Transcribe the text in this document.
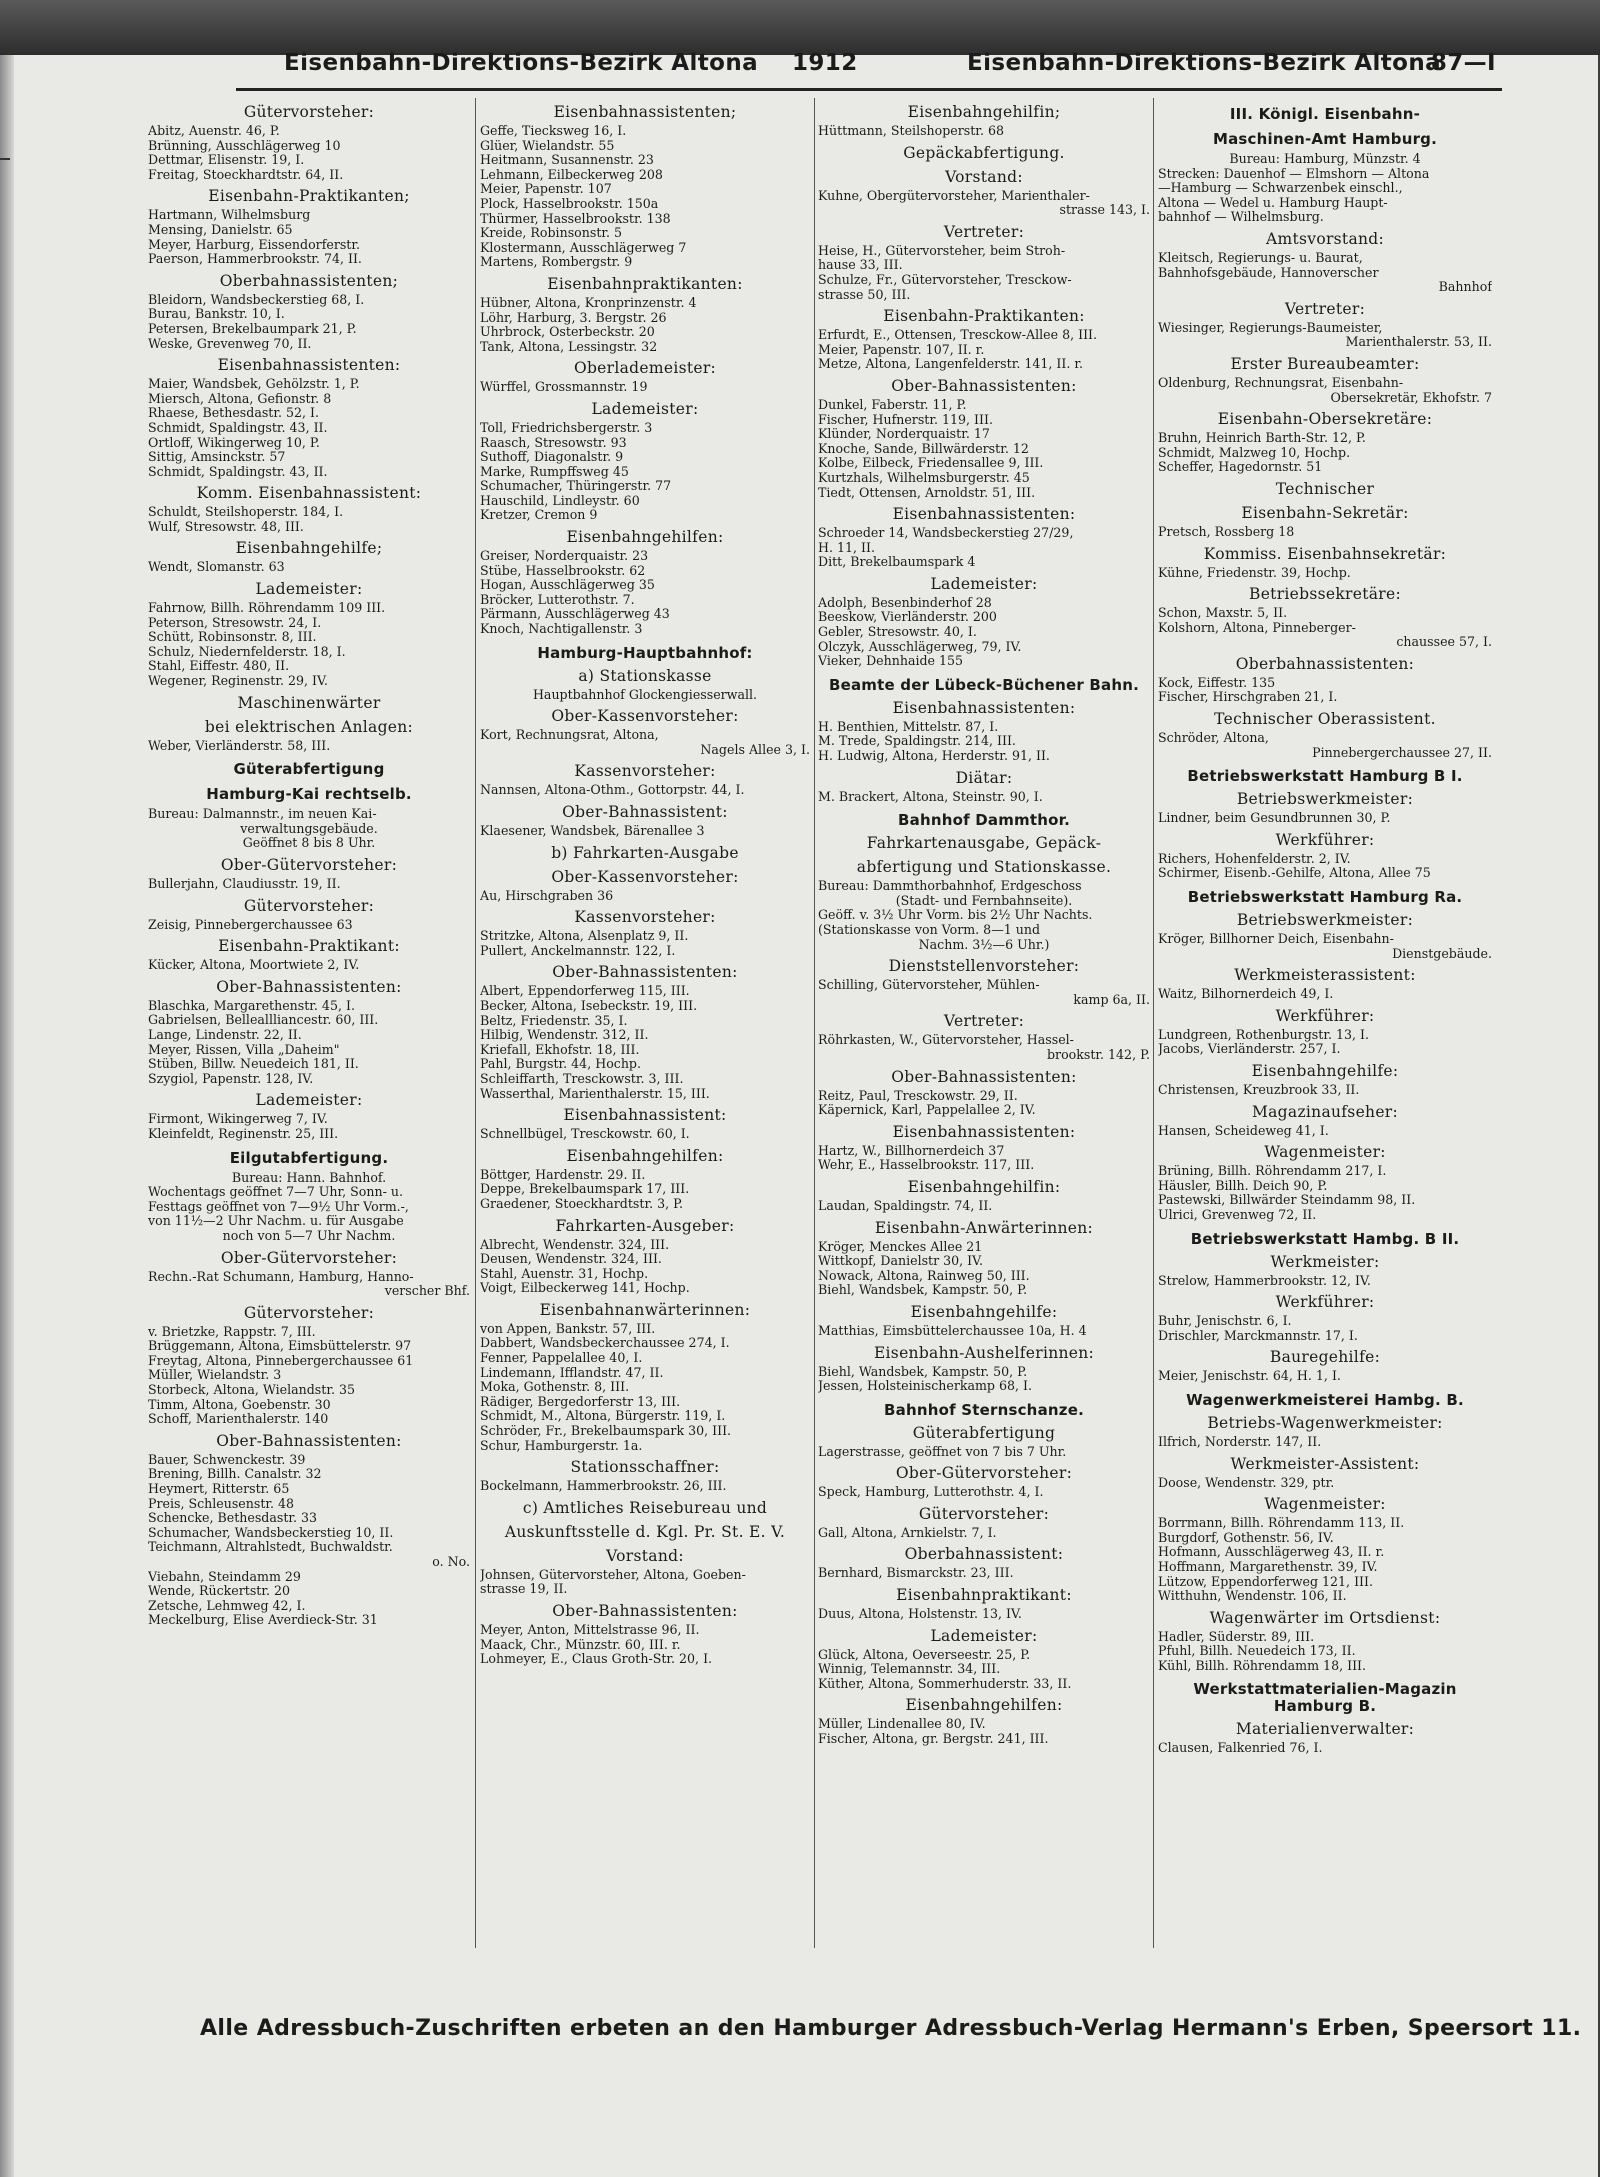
Eisenbahn-Direktions-Bezirk Altona 1912	Eisenbahn-Direktions-Bezirk Altona
87—I
Gütervorsteher:
Abitz, Auenstr. 46, P.
Brünning, Ausschlägerweg 10
Dettmar, Elisenstr. 19, I.
Freitag, Stoeckhardtstr. 64, II.
Eisenbahn-Praktikanten;
Hartmann, Wilhelmsburg
Mensing, Danielstr. 65
Meyer, Harburg, Eissendorferstr.
Paerson, Hammerbrookstr. 74, II.
Oberbahnassistenten;
Bleidorn, Wandsbeckerstieg 68, I.
Burau, Bankstr. 10, I.
Petersen, Brekelbaumpark 21, P.
Weske, Grevenweg 70, II.
Eisenbahnassistenten:
Maier, Wandsbek, Gehölzstr. 1, P.
Miersch, Altona, Gefionstr. 8
Rhaese, Bethesdastr. 52, I.
Schmidt, Spaldingstr. 43, II.
Ortloff, Wikingerweg 10, P.
Sittig, Amsinckstr. 57
Schmidt, Spaldingstr. 43, II.
Komm. Eisenbahnassistent:
Schuldt, Steilshoperstr. 184, I.
Wulf, Stresowstr. 48, III.
Eisenbahngehilfe;
Wendt, Slomanstr. 63
Lademeister:
Fahrnow, Billh. Röhrendamm 109 III.
Peterson, Stresowstr. 24, I.
Schütt, Robinsonstr. 8, III.
Schulz, Niedernfelderstr. 18, I.
Stahl, Eiffestr. 480, II.
Wegener, Reginenstr. 29, IV.
Maschinenwärter
bei elektrischen Anlagen:
Weber, Vierländerstr. 58, III.
Güterabfertigung
Hamburg-Kai rechtselb.
Bureau: Dalmannstr., im neuen Kai-
verwaltungsgebäude.
Geöffnet 8 bis 8 Uhr.
Ober-Gütervorsteher:
Bullerjahn, Claudiusstr. 19, II.
Gütervorsteher:
Zeisig, Pinnebergerchaussee 63
Eisenbahn-Praktikant:
Kücker, Altona, Moortwiete 2, IV.
Ober-Bahnassistenten:
Blaschka, Margarethenstr. 45, I.
Gabrielsen, Belleallliancestr. 60, III.
Lange, Lindenstr. 22, II.
Meyer, Rissen, Villa „Daheim"
Stüben, Billw. Neuedeich 181, II.
Szygiol, Papenstr. 128, IV.
Lademeister:
Firmont, Wikingerweg 7, IV.
Kleinfeldt, Reginenstr. 25, III.
Eilgutabfertigung.
Bureau: Hann. Bahnhof.
Wochentags geöffnet 7—7 Uhr, Sonn- u.
Festtags geöffnet von 7—9½ Uhr Vorm.-,
von 11½—2 Uhr Nachm. u. für Ausgabe
noch von 5—7 Uhr Nachm.
Ober-Gütervorsteher:
Rechn.-Rat Schumann, Hamburg, Hanno-
verscher Bhf.
Gütervorsteher:
v. Brietzke, Rappstr. 7, III.
Brüggemann, Altona, Eimsbüttelerstr. 97
Freytag, Altona, Pinnebergerchaussee 61
Müller, Wielandstr. 3
Storbeck, Altona, Wielandstr. 35
Timm, Altona, Goebenstr. 30
Schoff, Marienthalerstr. 140
Ober-Bahnassistenten:
Bauer, Schwenckestr. 39
Brening, Billh. Canalstr. 32
Heymert, Ritterstr. 65
Preis, Schleusenstr. 48
Schencke, Bethesdastr. 33
Schumacher, Wandsbeckerstieg 10, II.
Teichmann, Altrahlstedt, Buchwaldstr.
o. No.
Viebahn, Steindamm 29
Wende, Rückertstr. 20
Zetsche, Lehmweg 42, I.
Meckelburg, Elise Averdieck-Str. 31
Eisenbahnassistenten;
Geffe, Tiecksweg 16, I.
Glüer, Wielandstr. 55
Heitmann, Susannenstr. 23
Lehmann, Eilbeckerweg 208
Meier, Papenstr. 107
Plock, Hasselbrookstr. 150a
Thürmer, Hasselbrookstr. 138
Kreide, Robinsonstr. 5
Klostermann, Ausschlägerweg 7
Martens, Rombergstr. 9
Eisenbahnpraktikanten:
Hübner, Altona, Kronprinzenstr. 4
Löhr, Harburg, 3. Bergstr. 26
Uhrbrock, Osterbeckstr. 20
Tank, Altona, Lessingstr. 32
Oberlademeister:
Würffel, Grossmannstr. 19
Lademeister:
Toll, Friedrichsbergerstr. 3
Raasch, Stresowstr. 93
Suthoff, Diagonalstr. 9
Marke, Rumpffsweg 45
Schumacher, Thüringerstr. 77
Hauschild, Lindleystr. 60
Kretzer, Cremon 9
Eisenbahngehilfen:
Greiser, Norderquaistr. 23
Stübe, Hasselbrookstr. 62
Hogan, Ausschlägerweg 35
Bröcker, Lutterothstr. 7.
Pärmann, Ausschlägerweg 43
Knoch, Nachtigallenstr. 3
Hamburg-Hauptbahnhof:
a) Stationskasse
Hauptbahnhof Glockengiesserwall.
Ober-Kassenvorsteher:
Kort, Rechnungsrat, Altona,
Nagels Allee 3, I.
Kassenvorsteher:
Nannsen, Altona-Othm., Gottorpstr. 44, I.
Ober-Bahnassistent:
Klaesener, Wandsbek, Bärenallee 3
b) Fahrkarten-Ausgabe
Ober-Kassenvorsteher:
Au, Hirschgraben 36
Kassenvorsteher:
Stritzke, Altona, Alsenplatz 9, II.
Pullert, Anckelmannstr. 122, I.
Ober-Bahnassistenten:
Albert, Eppendorferweg 115, III.
Becker, Altona, Isebeckstr. 19, III.
Beltz, Friedenstr. 35, I.
Hilbig, Wendenstr. 312, II.
Kriefall, Ekhofstr. 18, III.
Pahl, Burgstr. 44, Hochp.
Schleiffarth, Tresckowstr. 3, III.
Wasserthal, Marienthalerstr. 15, III.
Eisenbahnassistent:
Schnellbügel, Tresckowstr. 60, I.
Eisenbahngehilfen:
Böttger, Hardenstr. 29. II.
Deppe, Brekelbaumspark 17, III.
Graedener, Stoeckhardtstr. 3, P.
Fahrkarten-Ausgeber:
Albrecht, Wendenstr. 324, III.
Deusen, Wendenstr. 324, III.
Stahl, Auenstr. 31, Hochp.
Voigt, Eilbeckerweg 141, Hochp.
Eisenbahnanwärterinnen:
von Appen, Bankstr. 57, III.
Dabbert, Wandsbeckerchaussee 274, I.
Fenner, Pappelallee 40, I.
Lindemann, Ifflandstr. 47, II.
Moka, Gothenstr. 8, III.
Rädiger, Bergedorferstr 13, III.
Schmidt, M., Altona, Bürgerstr. 119, I.
Schröder, Fr., Brekelbaumspark 30, III.
Schur, Hamburgerstr. 1a.
Stationsschaffner:
Bockelmann, Hammerbrookstr. 26, III.
c) Amtliches Reisebureau und
Auskunftsstelle d. Kgl. Pr. St. E. V.
Vorstand:
Johnsen, Gütervorsteher, Altona, Goeben-
strasse 19, II.
Ober-Bahnassistenten:
Meyer, Anton, Mittelstrasse 96, II.
Maack, Chr., Münzstr. 60, III. r.
Lohmeyer, E., Claus Groth-Str. 20, I.
Eisenbahngehilfin;
Hüttmann, Steilshoperstr. 68
Gepäckabfertigung.
Vorstand:
Kuhne, Obergütervorsteher, Marienthaler-
strasse 143, I.
Vertreter:
Heise, H., Gütervorsteher, beim Stroh-
hause 33, III.
Schulze, Fr., Gütervorsteher, Tresckow-
strasse 50, III.
Eisenbahn-Praktikanten:
Erfurdt, E., Ottensen, Tresckow-Allee 8, III.
Meier, Papenstr. 107, II. r.
Metze, Altona, Langenfelderstr. 141, II. r.
Ober-Bahnassistenten:
Dunkel, Faberstr. 11, P.
Fischer, Hufnerstr. 119, III.
Klünder, Norderquaistr. 17
Knoche, Sande, Billwärderstr. 12
Kolbe, Eilbeck, Friedensallee 9, III.
Kurtzhals, Wilhelmsburgerstr. 45
Tiedt, Ottensen, Arnoldstr. 51, III.
Eisenbahnassistenten:
Schroeder 14, Wandsbeckerstieg 27/29,
H. 11, II.
Ditt, Brekelbaumspark 4
Lademeister:
Adolph, Besenbinderhof 28
Beeskow, Vierländerstr. 200
Gebler, Stresowstr. 40, I.
Olczyk, Ausschlägerweg, 79, IV.
Vieker, Dehnhaide 155
Beamte der Lübeck-Büchener Bahn.
Eisenbahnassistenten:
H. Benthien, Mittelstr. 87, I.
M. Trede, Spaldingstr. 214, III.
H. Ludwig, Altona, Herderstr. 91, II.
Diätar:
M. Brackert, Altona, Steinstr. 90, I.
Bahnhof Dammthor.
Fahrkartenausgabe, Gepäck-
abfertigung und Stationskasse.
Bureau: Dammthorbahnhof, Erdgeschoss
(Stadt- und Fernbahnseite).
Geöff. v. 3½ Uhr Vorm. bis 2½ Uhr Nachts.
(Stationskasse von Vorm. 8—1 und
Nachm. 3½—6 Uhr.)
Dienststellenvorsteher:
Schilling, Gütervorsteher, Mühlen-
kamp 6a, II.
Vertreter:
Röhrkasten, W., Gütervorsteher, Hassel-
brookstr. 142, P.
Ober-Bahnassistenten:
Reitz, Paul, Tresckowstr. 29, II.
Käpernick, Karl, Pappelallee 2, IV.
Eisenbahnassistenten:
Hartz, W., Billhornerdeich 37
Wehr, E., Hasselbrookstr. 117, III.
Eisenbahngehilfin:
Laudan, Spaldingstr. 74, II.
Eisenbahn-Anwärterinnen:
Kröger, Menckes Allee 21
Wittkopf, Danielstr 30, IV.
Nowack, Altona, Rainweg 50, III.
Biehl, Wandsbek, Kampstr. 50, P.
Eisenbahngehilfe:
Matthias, Eimsbüttelerchaussee 10a, H. 4
Eisenbahn-Aushelferinnen:
Biehl, Wandsbek, Kampstr. 50, P.
Jessen, Holsteinischerkamp 68, I.
Bahnhof Sternschanze.
Güterabfertigung
Lagerstrasse, geöffnet von 7 bis 7 Uhr.
Ober-Gütervorsteher:
Speck, Hamburg, Lutterothstr. 4, I.
Gütervorsteher:
Gall, Altona, Arnkielstr. 7, I.
Oberbahnassistent:
Bernhard, Bismarckstr. 23, III.
Eisenbahnpraktikant:
Duus, Altona, Holstenstr. 13, IV.
Lademeister:
Glück, Altona, Oeverseestr. 25, P.
Winnig, Telemannstr. 34, III.
Küther, Altona, Sommerhuderstr. 33, II.
Eisenbahngehilfen:
Müller, Lindenallee 80, IV.
Fischer, Altona, gr. Bergstr. 241, III.
III. Königl. Eisenbahn-
Maschinen-Amt Hamburg.
Bureau: Hamburg, Münzstr. 4
Strecken: Dauenhof — Elmshorn — Altona
—Hamburg — Schwarzenbek einschl.,
Altona — Wedel u. Hamburg Haupt-
bahnhof — Wilhelmsburg.
Amtsvorstand:
Kleitsch, Regierungs- u. Baurat,
Bahnhofsgebäude, Hannoverscher
Bahnhof
Vertreter:
Wiesinger, Regierungs-Baumeister,
Marienthalerstr. 53, II.
Erster Bureaubeamter:
Oldenburg, Rechnungsrat, Eisenbahn-
Obersekretär, Ekhofstr. 7
Eisenbahn-Obersekretäre:
Bruhn, Heinrich Barth-Str. 12, P.
Schmidt, Malzweg 10, Hochp.
Scheffer, Hagedornstr. 51
Technischer
Eisenbahn-Sekretär:
Pretsch, Rossberg 18
Kommiss. Eisenbahnsekretär:
Kühne, Friedenstr. 39, Hochp.
Betriebssekretäre:
Schon, Maxstr. 5, II.
Kolshorn, Altona, Pinneberger-
chaussee 57, I.
Oberbahnassistenten:
Kock, Eiffestr. 135
Fischer, Hirschgraben 21, I.
Technischer Oberassistent.
Schröder, Altona,
Pinnebergerchaussee 27, II.
Betriebswerkstatt Hamburg B I.
Betriebswerkmeister:
Lindner, beim Gesundbrunnen 30, P.
Werkführer:
Richers, Hohenfelderstr. 2, IV.
Schirmer, Eisenb.-Gehilfe, Altona, Allee 75
Betriebswerkstatt Hamburg Ra.
Betriebswerkmeister:
Kröger, Billhorner Deich, Eisenbahn-
Dienstgebäude.
Werkmeisterassistent:
Waitz, Bilhornerdeich 49, I.
Werkführer:
Lundgreen, Rothenburgstr. 13, I.
Jacobs, Vierländerstr. 257, I.
Eisenbahngehilfe:
Christensen, Kreuzbrook 33, II.
Magazinaufseher:
Hansen, Scheideweg 41, I.
Wagenmeister:
Brüning, Billh. Röhrendamm 217, I.
Häusler, Billh. Deich 90, P.
Pastewski, Billwärder Steindamm 98, II.
Ulrici, Grevenweg 72, II.
Betriebswerkstatt Hambg. B II.
Werkmeister:
Strelow, Hammerbrookstr. 12, IV.
Werkführer:
Buhr, Jenischstr. 6, I.
Drischler, Marckmannstr. 17, I.
Bauregehilfe:
Meier, Jenischstr. 64, H. 1, I.
Wagenwerkmeisterei Hambg. B.
Betriebs-Wagenwerkmeister:
Ilfrich, Norderstr. 147, II.
Werkmeister-Assistent:
Doose, Wendenstr. 329, ptr.
Wagenmeister:
Borrmann, Billh. Röhrendamm 113, II.
Burgdorf, Gothenstr. 56, IV.
Hofmann, Ausschlägerweg 43, II. r.
Hoffmann, Margarethenstr. 39, IV.
Lützow, Eppendorferweg 121, III.
Witthuhn, Wendenstr. 106, II.
Wagenwärter im Ortsdienst:
Hadler, Süderstr. 89, III.
Pfuhl, Billh. Neuedeich 173, II.
Kühl, Billh. Röhrendamm 18, III.
Werkstattmaterialien-Magazin Hamburg B.
Materialienverwalter:
Clausen, Falkenried 76, I.
Alle Adressbuch-Zuschriften erbeten an den Hamburger Adressbuch-Verlag Hermann's Erben, Speersort 11.
